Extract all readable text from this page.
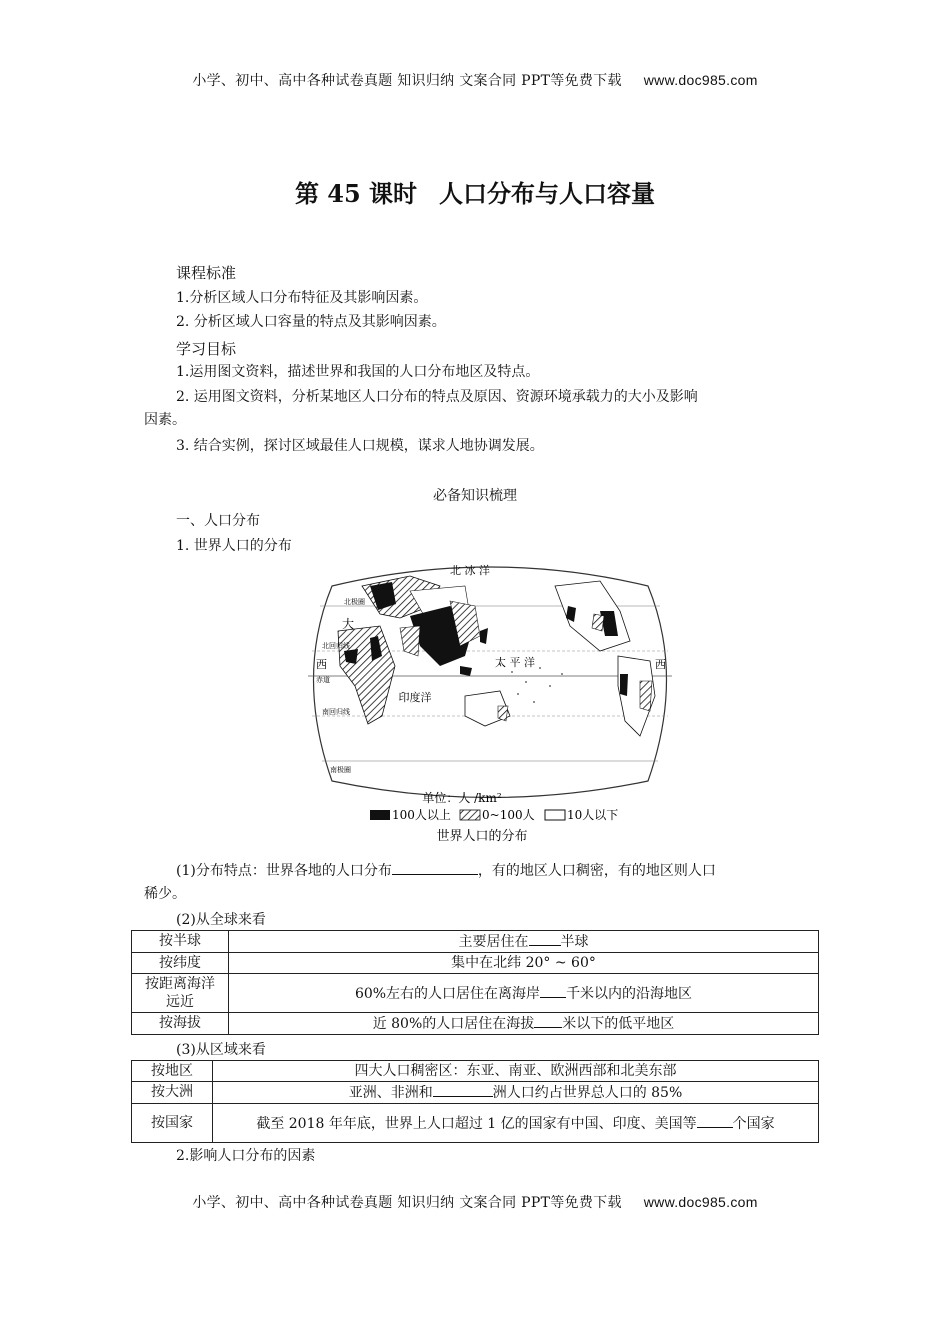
小学、初中、高中各种试卷真题 知识归纳 文案合同 PPT等免费下载 www.doc985.com
第 45 课时 人口分布与人口容量
课程标准
1.分析区域人口分布特征及其影响因素。
2. 分析区域人口容量的特点及其影响因素。
学习目标
1.运用图文资料，描述世界和我国的人口分布地区及特点。
2. 运用图文资料，分析某地区人口分布的特点及原因、资源环境承载力的大小及影响
因素。
3. 结合实例，探讨区域最佳人口规模，谋求人地协调发展。
必备知识梳理
一、人口分布
1. 世界人口的分布
北 冰 洋
太 平 洋
印度洋
大
西	西
赤道
北极圈
南极圈
北回归线
南回归线
单位：人 /km²
100人以上	0~100人	10人以下
世界人口的分布
(1)分布特点：世界各地的人口分布	，有的地区人口稠密，有的地区则人口
稀少。
(2)从全球来看
按半球	主要居住在 半球
按纬度	集中在北纬 20° ~ 60°
按距离海洋远近	60%左右的人口居住在离海岸 千米以内的沿海地区
按海拔	近 80%的人口居住在海拔 米以下的低平地区
(3)从区域来看
按地区	四大人口稠密区：东亚、南亚、欧洲西部和北美东部
按大洲	亚洲、非洲和 洲人口约占世界总人口的 85%
按国家	截至 2018 年年底，世界上人口超过 1 亿的国家有中国、印度、美国等 个国家
2.影响人口分布的因素
小学、初中、高中各种试卷真题 知识归纳 文案合同 PPT等免费下载 www.doc985.com
